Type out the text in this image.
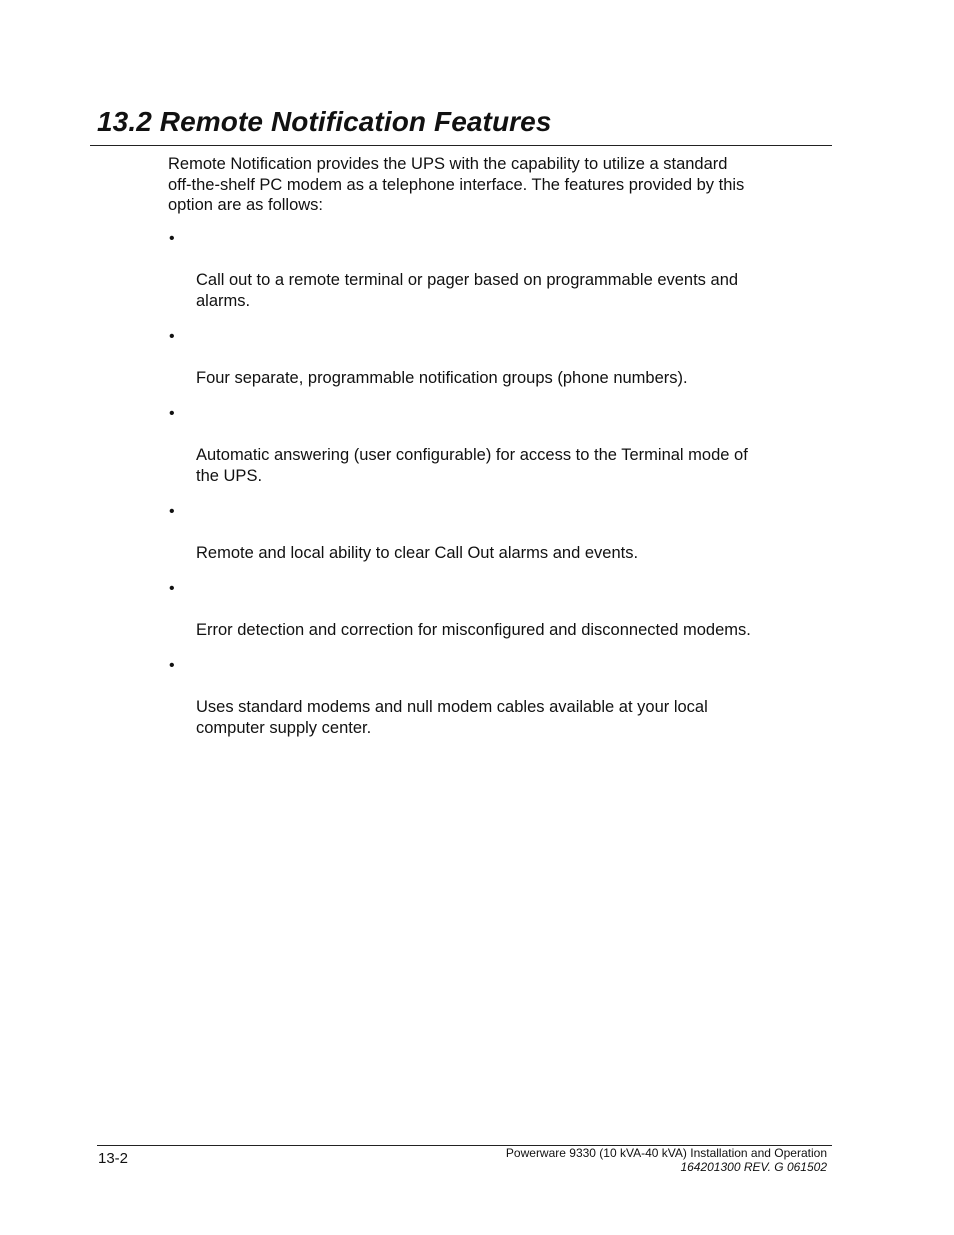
13.2 Remote Notification Features

Remote Notification provides the UPS with the capability to utilize a standard
off-the-shelf PC modem as a telephone interface. The features provided by this
option are as follows:

•

Call out to a remote terminal or pager based on programmable events and
alarms.

•

Four separate, programmable notification groups (phone numbers).

•

Automatic answering (user configurable) for access to the Terminal mode of
the UPS.

•

Remote and local ability to clear Call Out alarms and events.

•

Error detection and correction for misconfigured and disconnected modems.

•

Uses standard modems and null modem cables available at your local
computer supply center.

13-2	Powerware 9330 (10 kVA-40 kVA) Installation and Operation
164201300 REV. G 061502
